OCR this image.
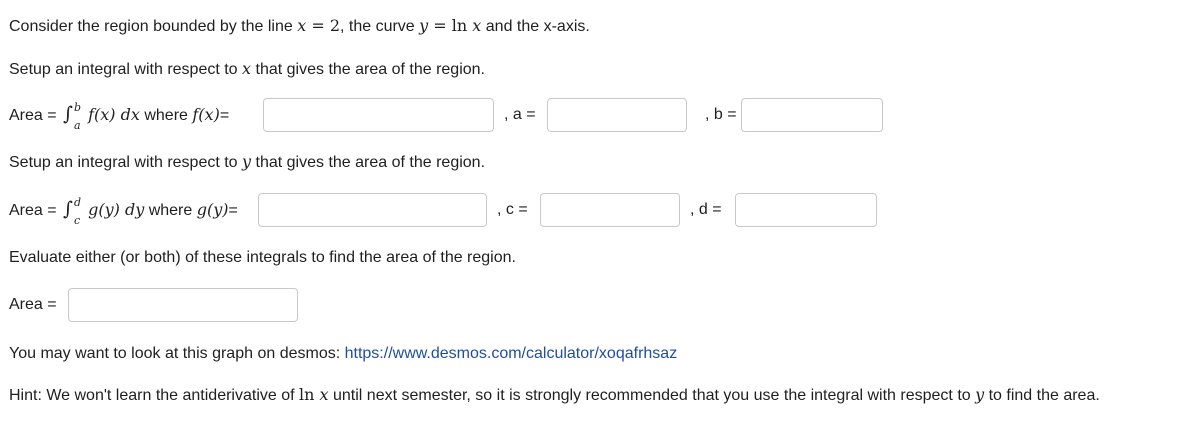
Consider the region bounded by the line x = 2, the curve y = ln x and the x-axis.
Setup an integral with respect to x that gives the area of the region.
Area = ∫ b
a
f(x) dx where f(x)=	, a =	, b =
Setup an integral with respect to y that gives the area of the region.
Area = ∫ d
c
g(y) dy where g(y)=	, c =	, d =
Evaluate either (or both) of these integrals to find the area of the region.
Area =
You may want to look at this graph on desmos: https://www.desmos.com/calculator/xoqafrhsaz
Hint: We won't learn the antiderivative of ln x until next semester, so it is strongly recommended that you use the integral with respect to y to find the area.
